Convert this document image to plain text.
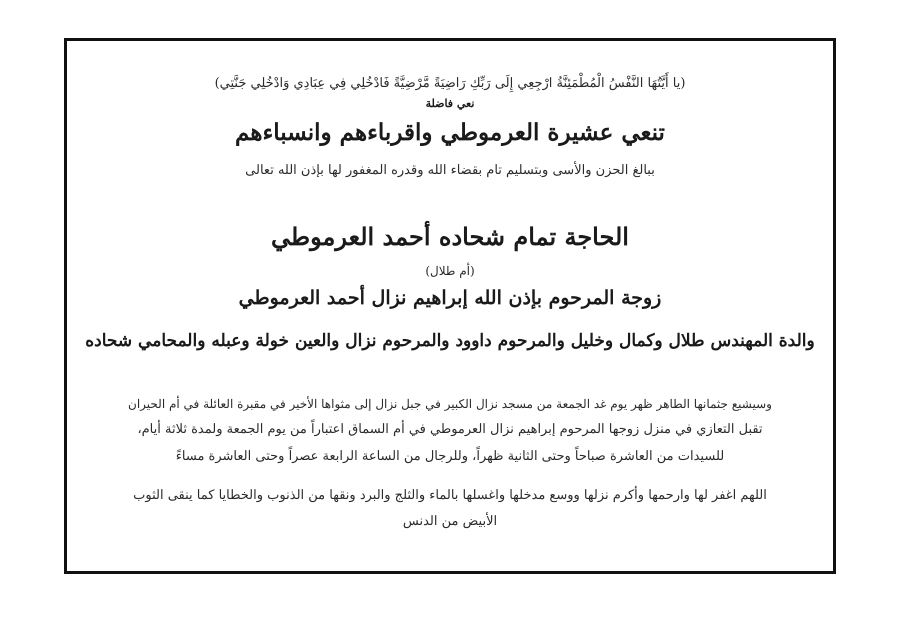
(يا أَيَّتُهَا النَّفْسُ الْمُطْمَئِنَّةُ ارْجِعِي إِلَى رَبِّكِ رَاضِيَةً مَّرْضِيَّةً فَادْخُلِي فِي عِبَادِي وَادْخُلِي جَنَّتِي)
نعي فاضلة
تنعي عشيرة العرموطي واقرباءهم وانسباءهم
ببالغ الحزن والأسى وبتسليم تام بقضاء الله وقدره المغفور لها بإذن الله تعالى
الحاجة تمام شحاده أحمد العرموطي
(أم طلال)
زوجة المرحوم بإذن الله إبراهيم نزال أحمد العرموطي
والدة المهندس طلال وكمال وخليل والمرحوم داوود والمرحوم نزال والعين خولة وعبله والمحامي شحاده
وسيشيع جثمانها الطاهر ظهر يوم غد الجمعة من مسجد نزال الكبير في جبل نزال إلى مثواها الأخير في مقبرة العائلة في أم الحيران
تقبل التعازي في منزل زوجها المرحوم إبراهيم نزال العرموطي في أم السماق اعتباراً من يوم الجمعة ولمدة ثلاثة أيام،
للسيدات من العاشرة صباحاً وحتى الثانية ظهراً، وللرجال من الساعة الرابعة عصراً وحتى العاشرة مساءً
اللهم اغفر لها وارحمها وأكرم نزلها ووسع مدخلها واغسلها بالماء والثلج والبرد ونقها من الذنوب والخطايا كما ينقى الثوب
الأبيض من الدنس
